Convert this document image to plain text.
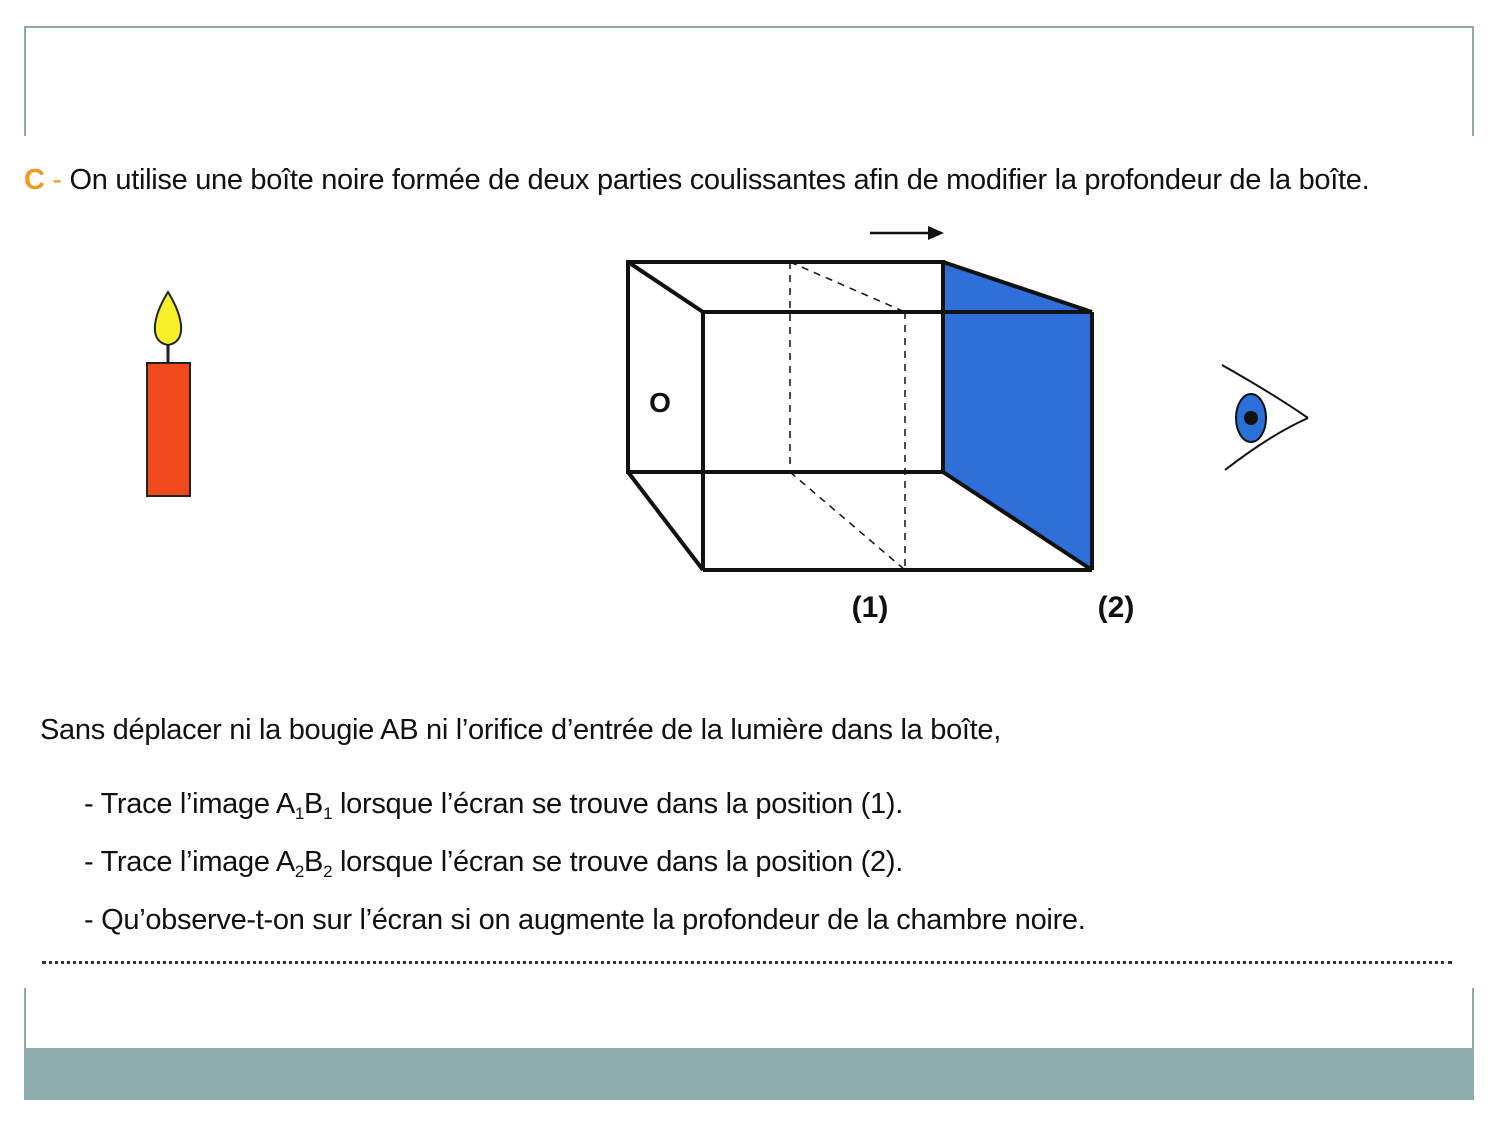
C - On utilise une boîte noire formée de deux parties coulissantes afin de modifier la profondeur de la boîte.
O
(1)	(2)
Sans déplacer ni la bougie AB ni l’orifice d’entrée de la lumière dans la boîte,
- Trace l’image $A_1B_1$ lorsque l’écran se trouve dans la position (1).
- Trace l’image $A_2B_2$ lorsque l’écran se trouve dans la position (2).
- Qu’observe-t-on sur l’écran si on augmente la profondeur de la chambre noire.
